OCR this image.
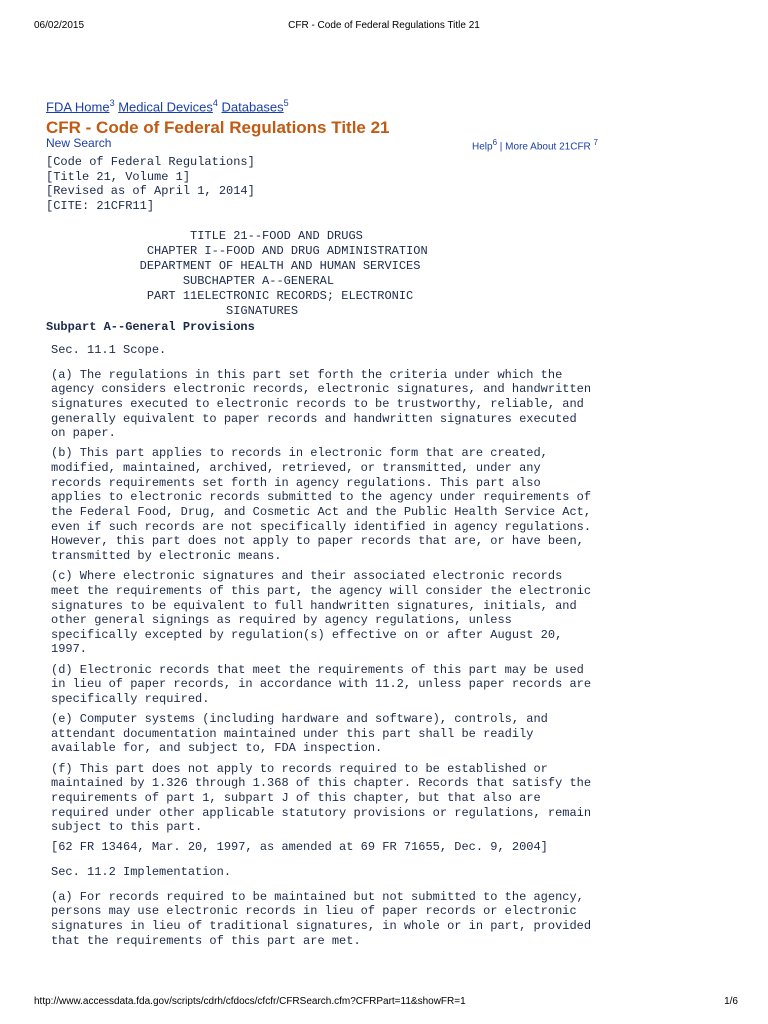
06/02/2015	CFR - Code of Federal Regulations Title 21
FDA Home$^3$ Medical Devices$^4$ Databases$^5$
CFR - Code of Federal Regulations Title 21
New Search	Help$^6$ | More About 21CFR $^7$
[Code of Federal Regulations]
[Title 21, Volume 1]
[Revised as of April 1, 2014]
[CITE: 21CFR11]
TITLE 21--FOOD AND DRUGS
CHAPTER I--FOOD AND DRUG ADMINISTRATION
DEPARTMENT OF HEALTH AND HUMAN SERVICES
SUBCHAPTER A--GENERAL
PART 11ELECTRONIC RECORDS; ELECTRONIC
SIGNATURES
Subpart A--General Provisions

Sec. 11.1 Scope.

(a) The regulations in this part set forth the criteria under which the agency considers electronic records, electronic signatures, and handwritten signatures executed to electronic records to be trustworthy, reliable, and generally equivalent to paper records and handwritten signatures executed on paper.

(b) This part applies to records in electronic form that are created, modified, maintained, archived, retrieved, or transmitted, under any records requirements set forth in agency regulations. This part also applies to electronic records submitted to the agency under requirements of the Federal Food, Drug, and Cosmetic Act and the Public Health Service Act, even if such records are not specifically identified in agency regulations. However, this part does not apply to paper records that are, or have been, transmitted by electronic means.

(c) Where electronic signatures and their associated electronic records meet the requirements of this part, the agency will consider the electronic signatures to be equivalent to full handwritten signatures, initials, and other general signings as required by agency regulations, unless specifically excepted by regulation(s) effective on or after August 20, 1997.

(d) Electronic records that meet the requirements of this part may be used in lieu of paper records, in accordance with 11.2, unless paper records are specifically required.

(e) Computer systems (including hardware and software), controls, and attendant documentation maintained under this part shall be readily available for, and subject to, FDA inspection.

(f) This part does not apply to records required to be established or maintained by 1.326 through 1.368 of this chapter. Records that satisfy the requirements of part 1, subpart J of this chapter, but that also are required under other applicable statutory provisions or regulations, remain subject to this part.

[62 FR 13464, Mar. 20, 1997, as amended at 69 FR 71655, Dec. 9, 2004]

Sec. 11.2 Implementation.

(a) For records required to be maintained but not submitted to the agency, persons may use electronic records in lieu of paper records or electronic signatures in lieu of traditional signatures, in whole or in part, provided that the requirements of this part are met.

http://www.accessdata.fda.gov/scripts/cdrh/cfdocs/cfcfr/CFRSearch.cfm?CFRPart=11&showFR=1	1/6
